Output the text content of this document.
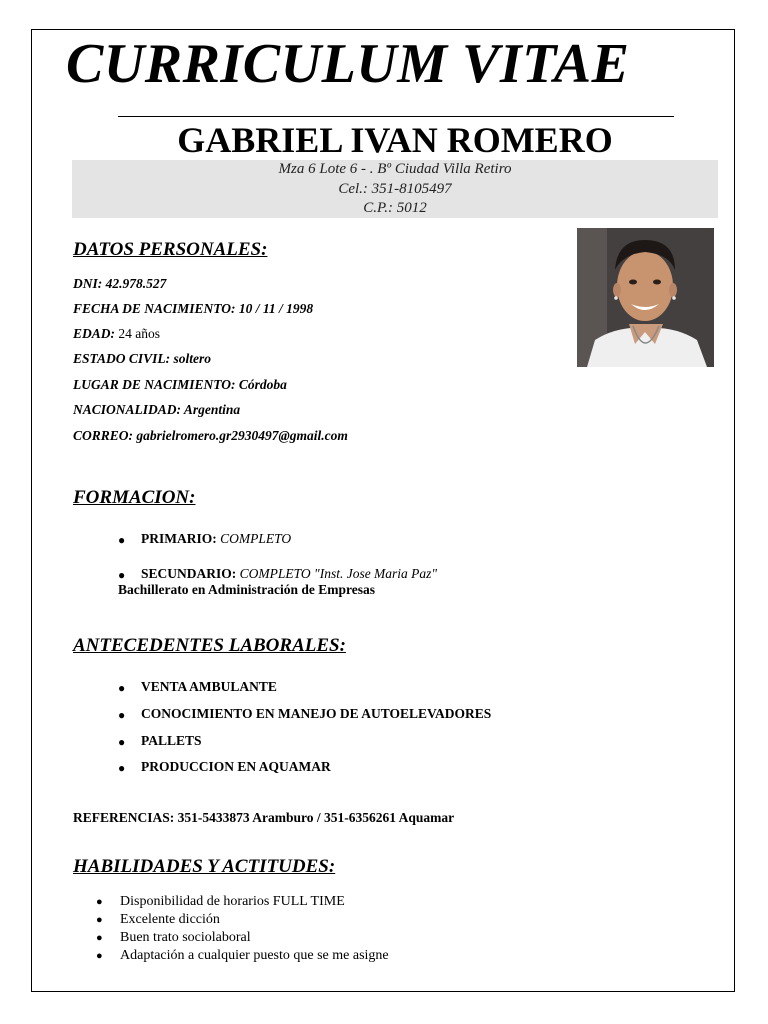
CURRICULUM VITAE
GABRIEL IVAN ROMERO
Mza 6 Lote 6 - . Bº Ciudad Villa Retiro
Cel.: 351-8105497
C.P.: 5012
DATOS PERSONALES:
DNI: 42.978.527
FECHA DE NACIMIENTO: 10 / 11 / 1998
EDAD: 24 años
ESTADO CIVIL: soltero
LUGAR DE NACIMIENTO: Córdoba
NACIONALIDAD: Argentina
CORREO: gabrielromero.gr2930497@gmail.com
FORMACION:
● PRIMARIO: COMPLETO
● SECUNDARIO: COMPLETO "Inst. Jose Maria Paz"
Bachillerato en Administración de Empresas
ANTECEDENTES LABORALES:
● VENTA AMBULANTE
● CONOCIMIENTO EN MANEJO DE AUTOELEVADORES
● PALLETS
● PRODUCCION EN AQUAMAR
REFERENCIAS: 351-5433873 Aramburo / 351-6356261 Aquamar
HABILIDADES Y ACTITUDES:
● Disponibilidad de horarios FULL TIME
● Excelente dicción
● Buen trato sociolaboral
● Adaptación a cualquier puesto que se me asigne
